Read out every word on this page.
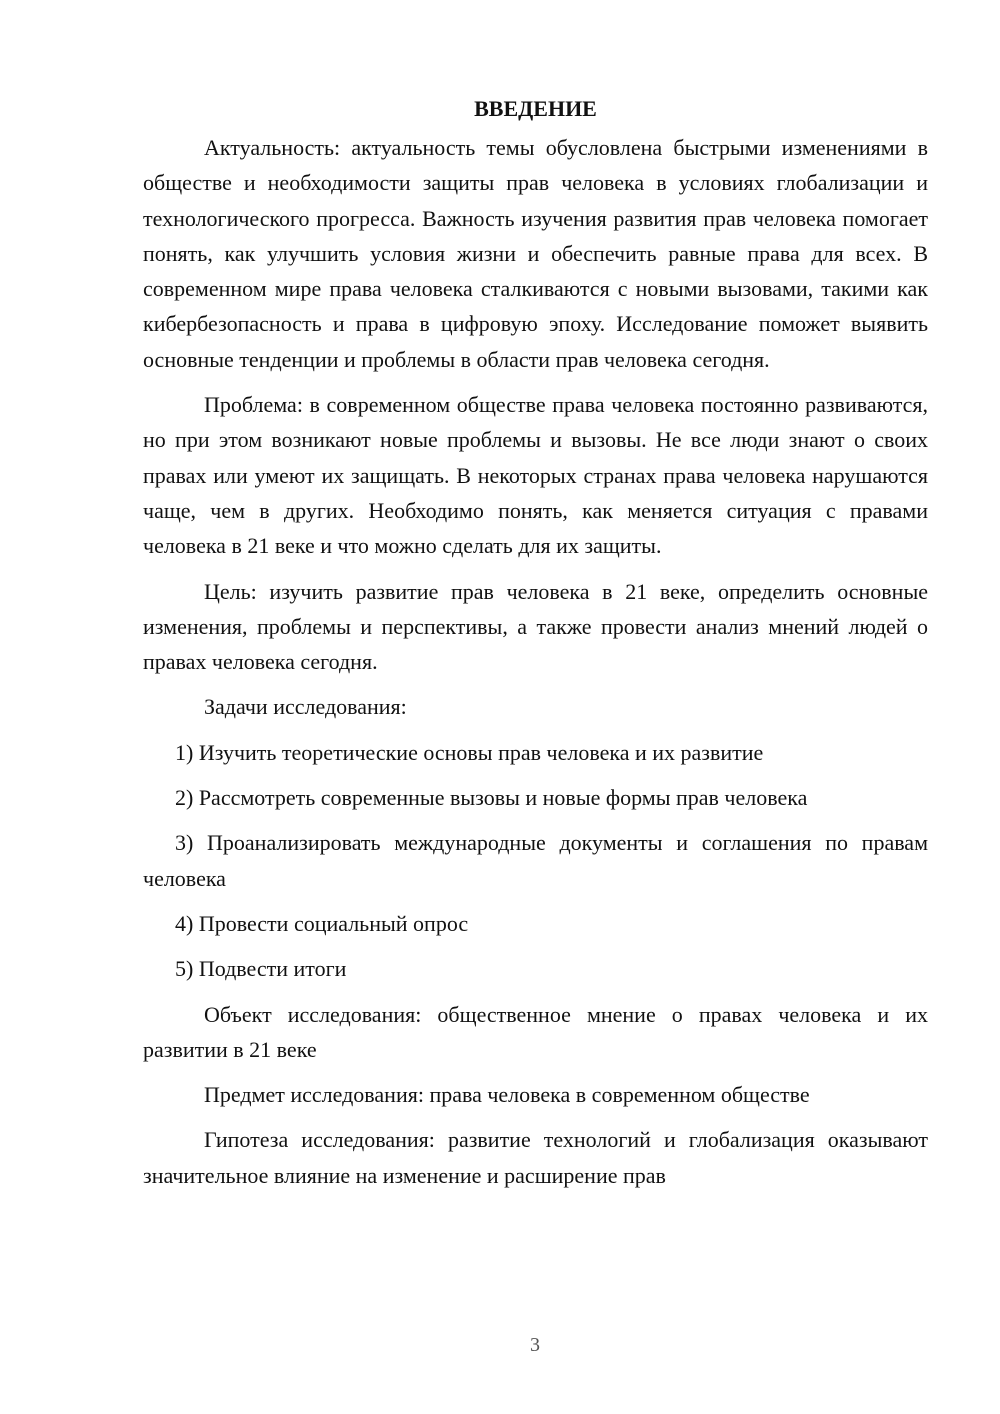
ВВЕДЕНИЕ

Актуальность: актуальность темы обусловлена быстрыми изменениями в обществе и необходимости защиты прав человека в условиях глобализации и технологического прогресса. Важность изучения развития прав человека помогает понять, как улучшить условия жизни и обеспечить равные права для всех. В современном мире права человека сталкиваются с новыми вызовами, такими как кибербезопасность и права в цифровую эпоху. Исследование поможет выявить основные тенденции и проблемы в области прав человека сегодня.

Проблема: в современном обществе права человека постоянно развиваются, но при этом возникают новые проблемы и вызовы. Не все люди знают о своих правах или умеют их защищать. В некоторых странах права человека нарушаются чаще, чем в других. Необходимо понять, как меняется ситуация с правами человека в 21 веке и что можно сделать для их защиты.

Цель: изучить развитие прав человека в 21 веке, определить основные изменения, проблемы и перспективы, а также провести анализ мнений людей о правах человека сегодня.

Задачи исследования:

1) Изучить теоретические основы прав человека и их развитие

2) Рассмотреть современные вызовы и новые формы прав человека

3) Проанализировать международные документы и соглашения по правам человека

4) Провести социальный опрос

5) Подвести итоги

Объект исследования: общественное мнение о правах человека и их развитии в 21 веке

Предмет исследования: права человека в современном обществе

Гипотеза исследования: развитие технологий и глобализация оказывают значительное влияние на изменение и расширение прав

3
